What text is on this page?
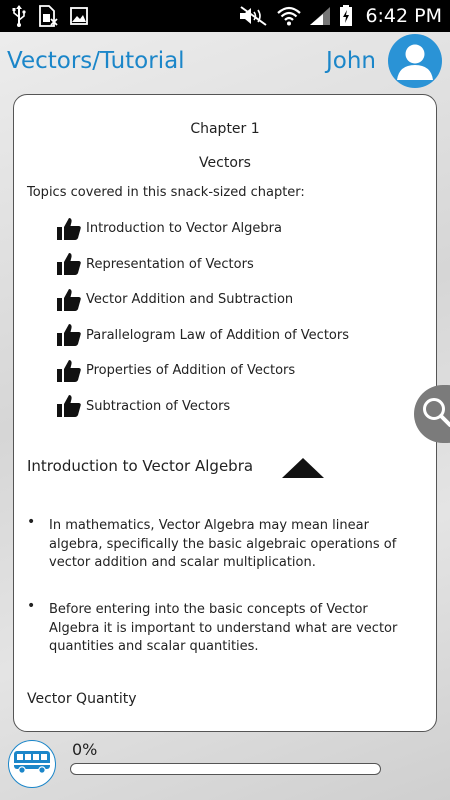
6:42 PM
Vectors/Tutorial	John
Chapter 1
Vectors
Topics covered in this snack-sized chapter:
Introduction to Vector Algebra
Representation of Vectors
Vector Addition and Subtraction
Parallelogram Law of Addition of Vectors
Properties of Addition of Vectors
Subtraction of Vectors
Introduction to Vector Algebra
•	In mathematics, Vector Algebra may mean linear algebra, specifically the basic algebraic operations of vector addition and scalar multiplication.
•	Before entering into the basic concepts of Vector Algebra it is important to understand what are vector quantities and scalar quantities.
Vector Quantity
0%
